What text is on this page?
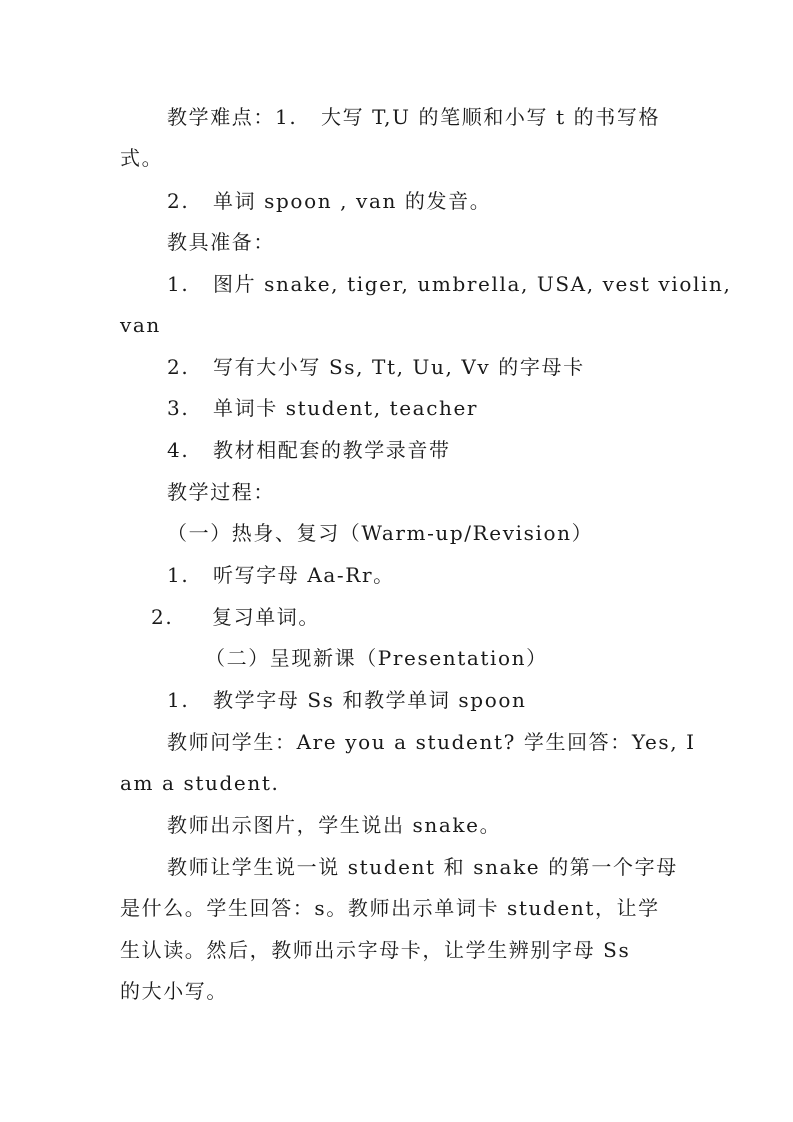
教学难点：1. 大写 T,U 的笔顺和小写 t 的书写格
式。
2. 单词 spoon , van 的发音。
教具准备：
1. 图片 snake, tiger, umbrella, USA, vest violin,
van
2. 写有大小写 Ss, Tt, Uu, Vv 的字母卡
3. 单词卡 student, teacher
4. 教材相配套的教学录音带
教学过程：
（一）热身、复习（Warm-up/Revision）
1. 听写字母 Aa-Rr。
2. 复习单词。
（二）呈现新课（Presentation）
1. 教学字母 Ss 和教学单词 spoon
教师问学生：Are you a student? 学生回答：Yes, I
am a student.
教师出示图片，学生说出 snake。
教师让学生说一说 student 和 snake 的第一个字母
是什么。学生回答：s。教师出示单词卡 student，让学
生认读。然后，教师出示字母卡，让学生辨别字母 Ss
的大小写。
